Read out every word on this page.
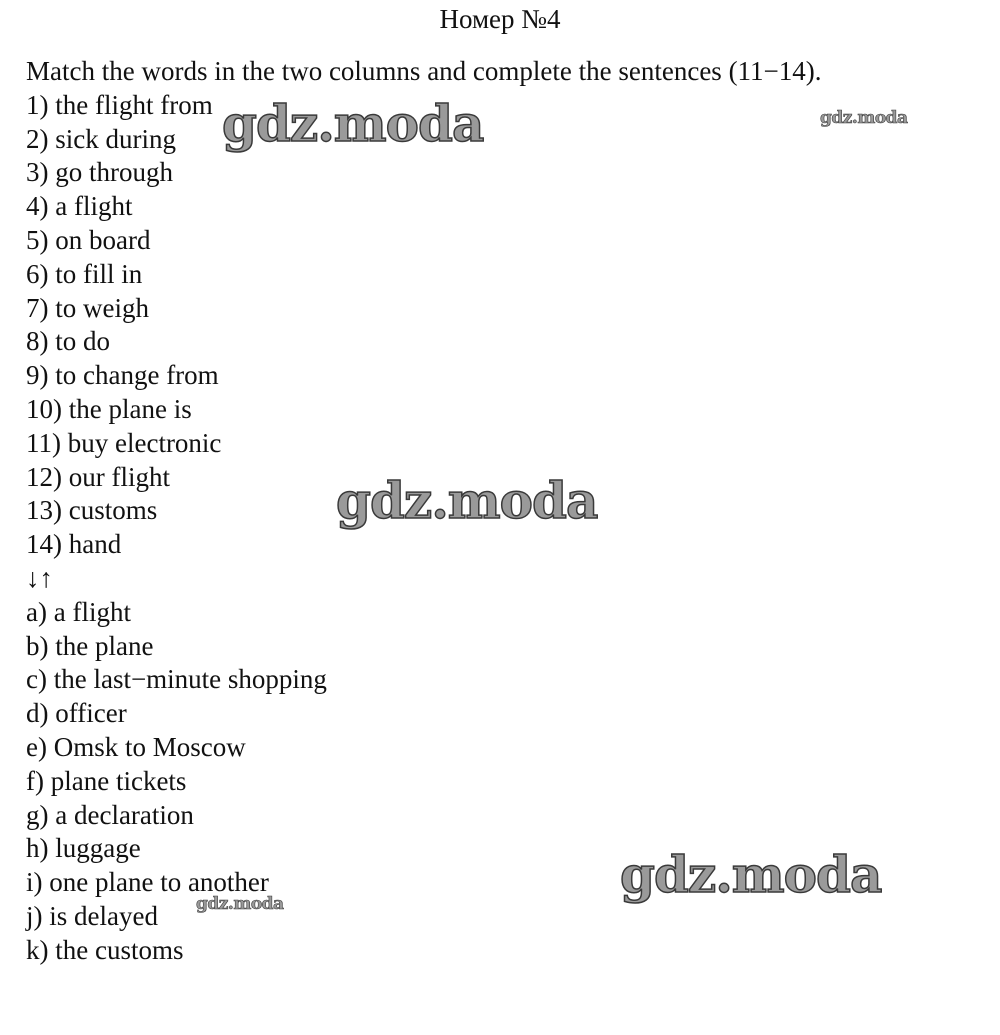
Номер №4
Match the words in the two columns and complete the sentences (11−14).
1) the flight from
2) sick during
3) go through
4) a flight
5) on board
6) to fill in
7) to weigh
8) to do
9) to change from
10) the plane is
11) buy electronic
12) our flight
13) customs
14) hand
↓↑
a) a flight
b) the plane
c) the last−minute shopping
d) officer
e) Omsk to Moscow
f) plane tickets
g) a declaration
h) luggage
i) one plane to another
j) is delayed
k) the customs
gdz.moda	gdz.moda
gdz.moda
gdz.moda
gdz.moda
